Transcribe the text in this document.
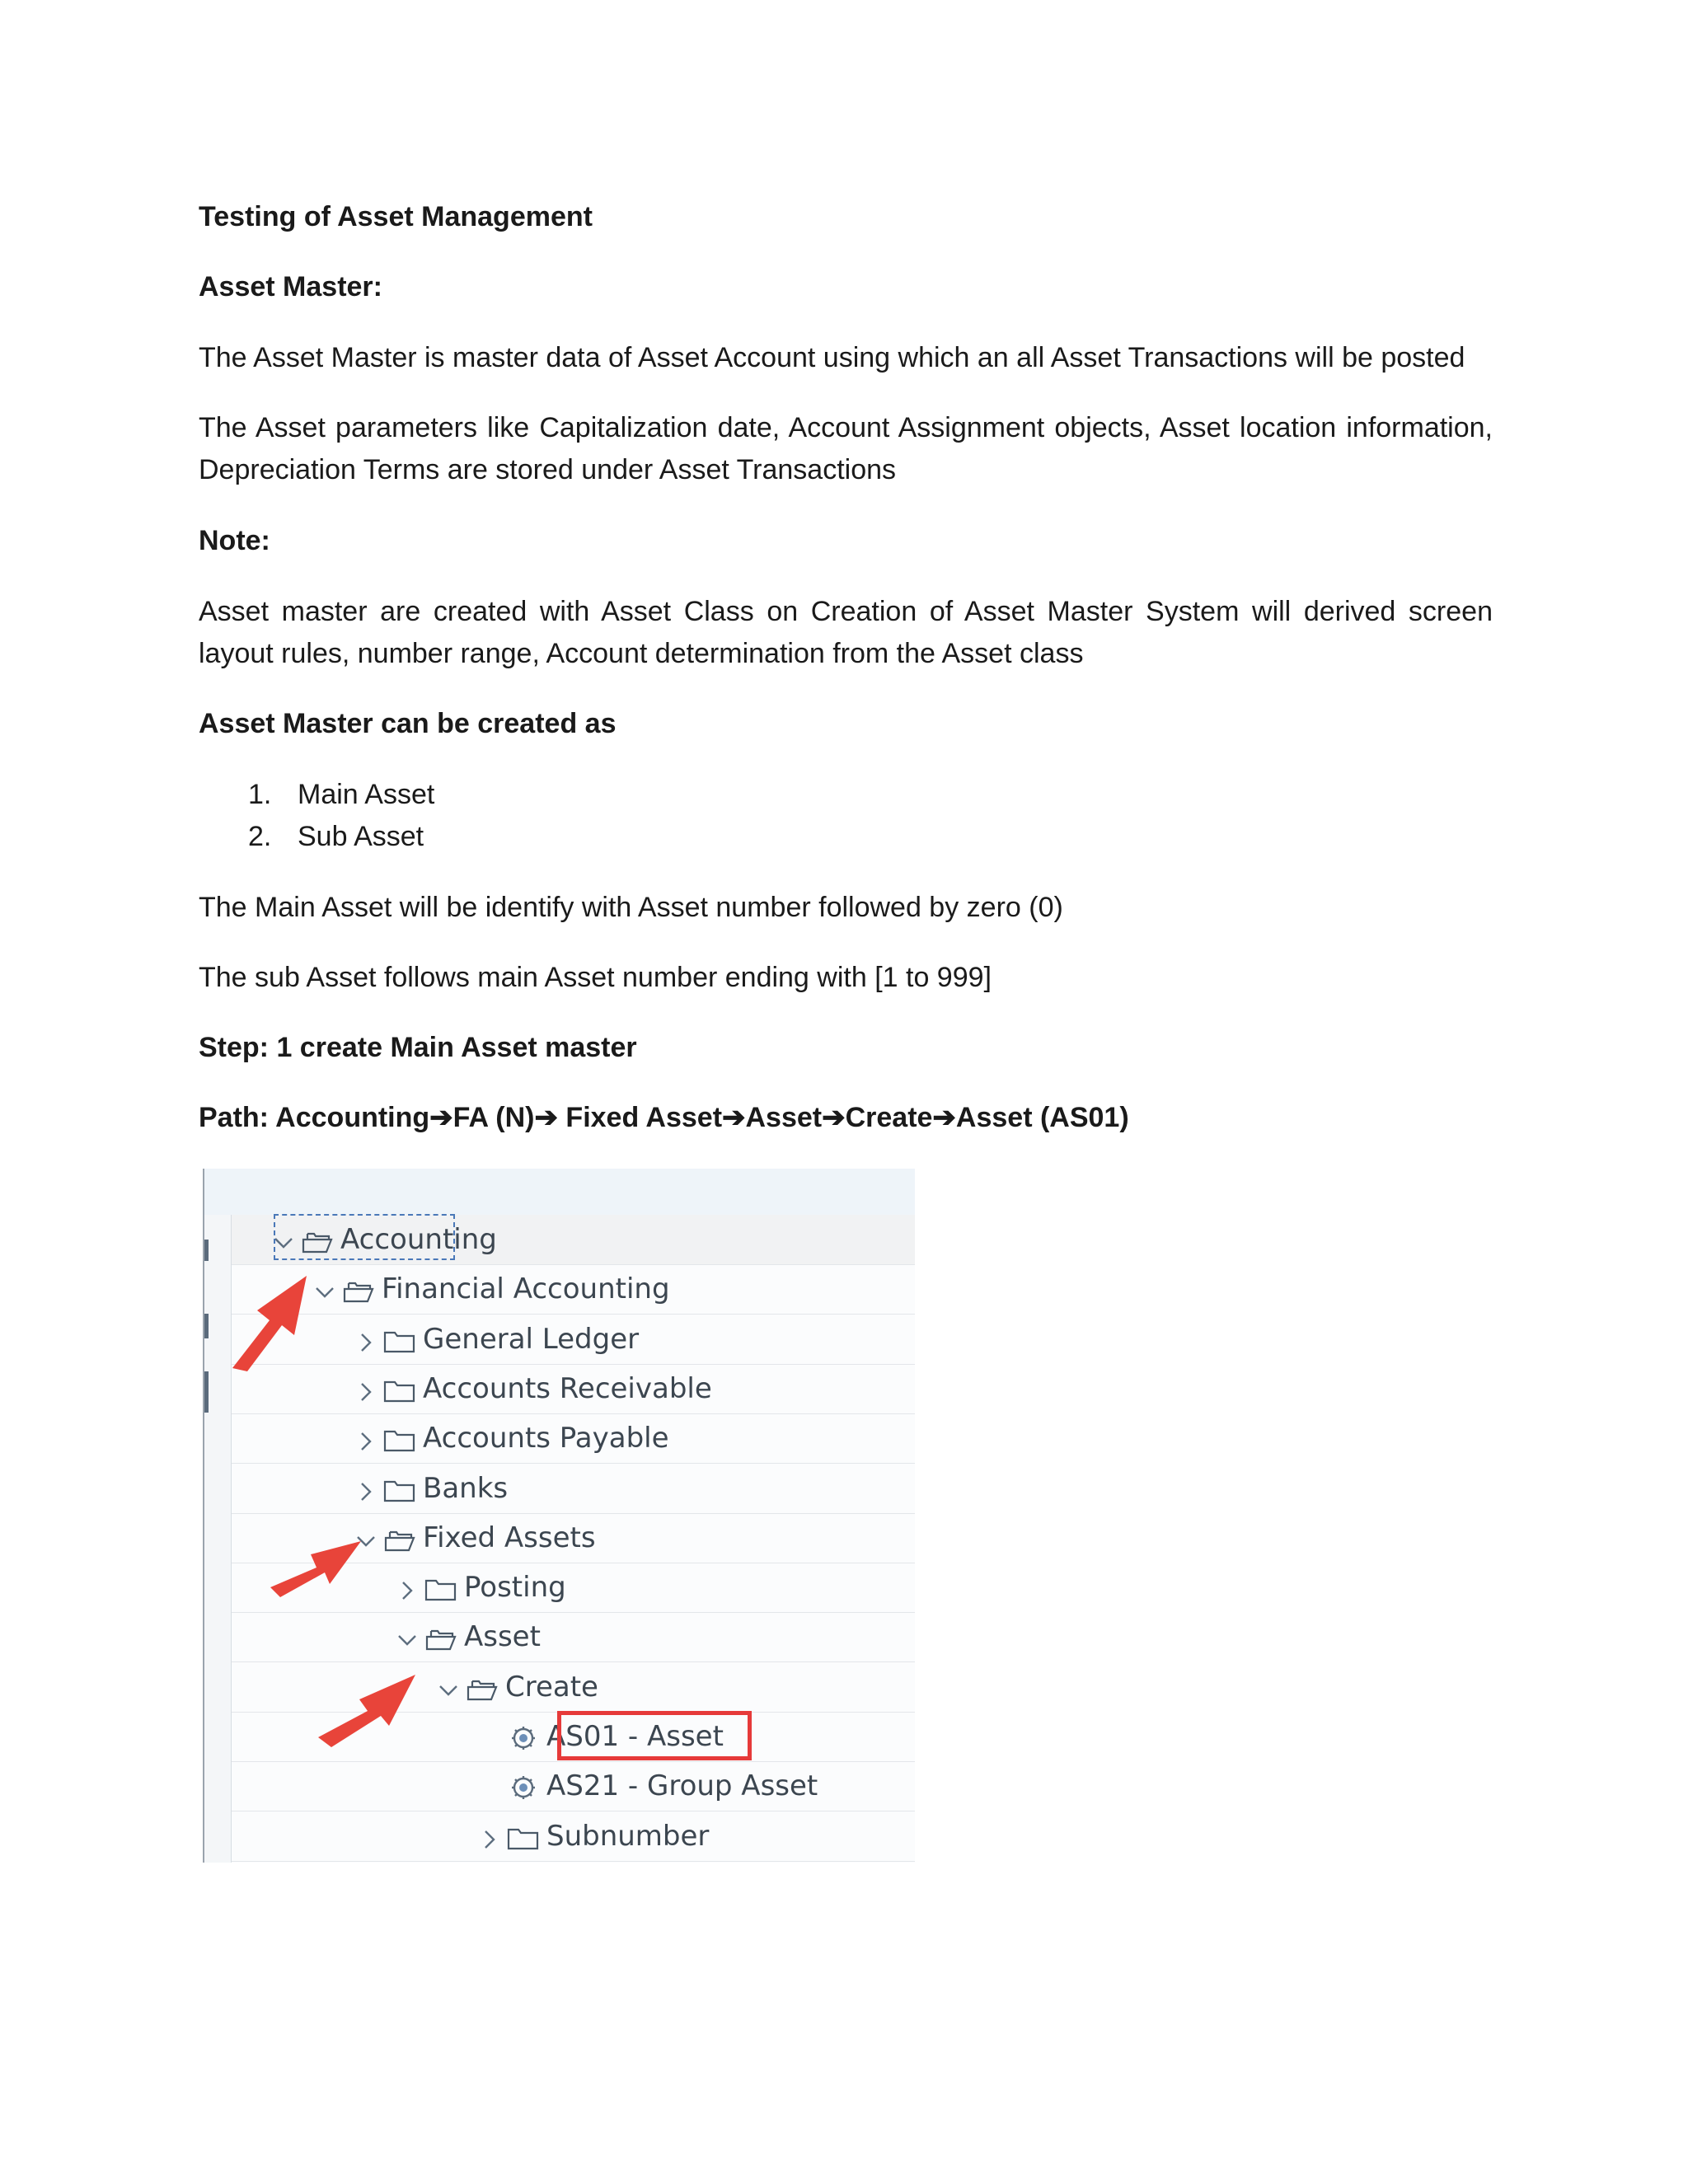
Testing of Asset Management

Asset Master:

The Asset Master is master data of Asset Account using which an all Asset Transactions will be posted

The Asset parameters like Capitalization date, Account Assignment objects, Asset location information, Depreciation Terms are stored under Asset Transactions

Note:

Asset master are created with Asset Class on Creation of Asset Master System will derived screen layout rules, number range, Account determination from the Asset class

Asset Master can be created as

1. Main Asset
2. Sub Asset

The Main Asset will be identify with Asset number followed by zero (0)

The sub Asset follows main Asset number ending with [1 to 999]

Step: 1 create Main Asset master

Path: Accounting➔FA (N)➔ Fixed Asset➔Asset➔Create➔Asset (AS01)

Accounting
Financial Accounting
General Ledger
Accounts Receivable
Accounts Payable
Banks
Fixed Assets
Posting
Asset
Create
AS01 - Asset
AS21 - Group Asset
Subnumber
